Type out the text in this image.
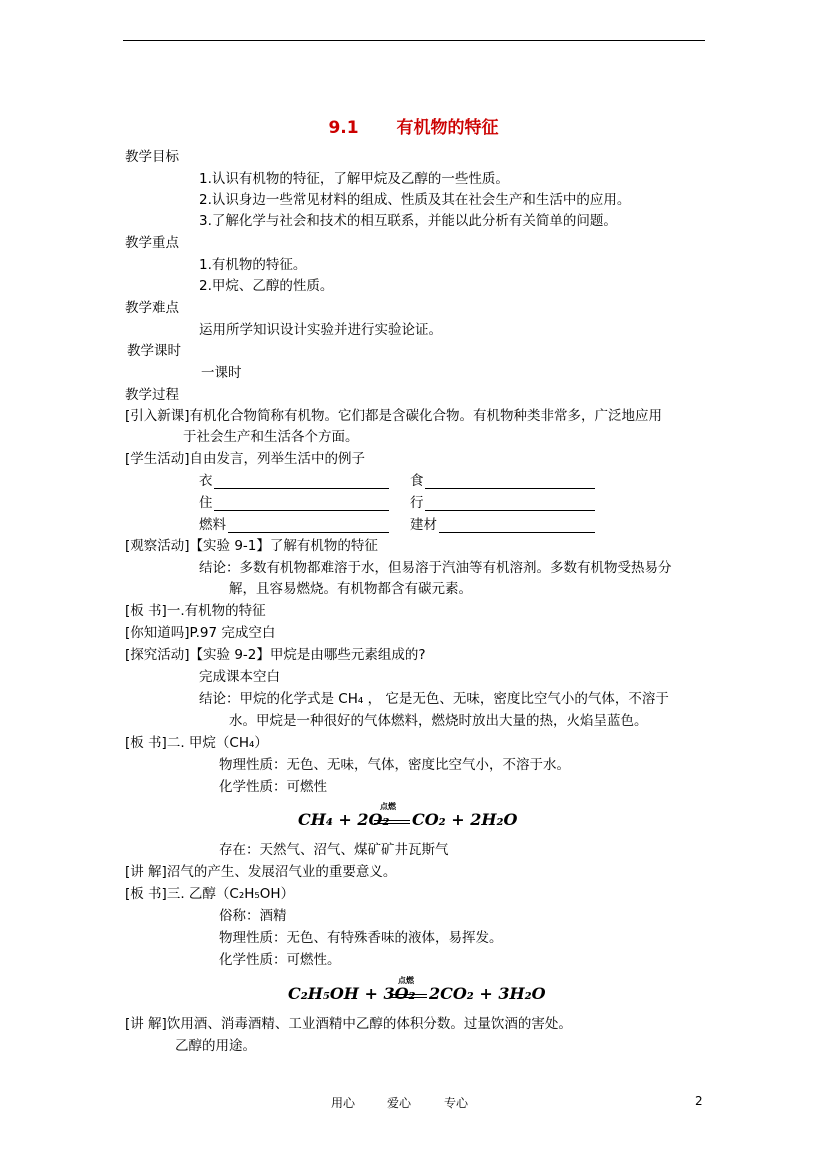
9.1 有机物的特征
教学目标
1.认识有机物的特征，了解甲烷及乙醇的一些性质。
2.认识身边一些常见材料的组成、性质及其在社会生产和生活中的应用。
3.了解化学与社会和技术的相互联系，并能以此分析有关简单的问题。
教学重点
1.有机物的特征。
2.甲烷、乙醇的性质。
教学难点
运用所学知识设计实验并进行实验论证。
教学课时
一课时
教学过程
[引入新课]有机化合物简称有机物。它们都是含碳化合物。有机物种类非常多，广泛地应用
于社会生产和生活各个方面。
[学生活动]自由发言，列举生活中的例子
衣	食
住	行
燃料	建材
[观察活动]【实验 9-1】了解有机物的特征
结论：多数有机物都难溶于水，但易溶于汽油等有机溶剂。多数有机物受热易分
解，且容易燃烧。有机物都含有碳元素。
[板 书]一.有机物的特征
[你知道吗]P.97 完成空白
[探究活动]【实验 9-2】甲烷是由哪些元素组成的?
完成课本空白
结论：甲烷的化学式是 CH₄ ， 它是无色、无味，密度比空气小的气体，不溶于
水。甲烷是一种很好的气体燃料，燃烧时放出大量的热，火焰呈蓝色。
[板 书]二. 甲烷（CH₄）
物理性质：无色、无味，气体，密度比空气小，不溶于水。
化学性质：可燃性
CH₄ + 2O₂
点燃
CO₂ + 2H₂O
存在：天然气、沼气、煤矿矿井瓦斯气
[讲 解]沼气的产生、发展沼气业的重要意义。
[板 书]三. 乙醇（C₂H₅OH）
俗称：酒精
物理性质：无色、有特殊香味的液体，易挥发。
化学性质：可燃性。
C₂H₅OH + 3O₂
点燃
2CO₂ + 3H₂O
[讲 解]饮用酒、消毒酒精、工业酒精中乙醇的体积分数。过量饮酒的害处。
乙醇的用途。
用心	爱心	专心	2
